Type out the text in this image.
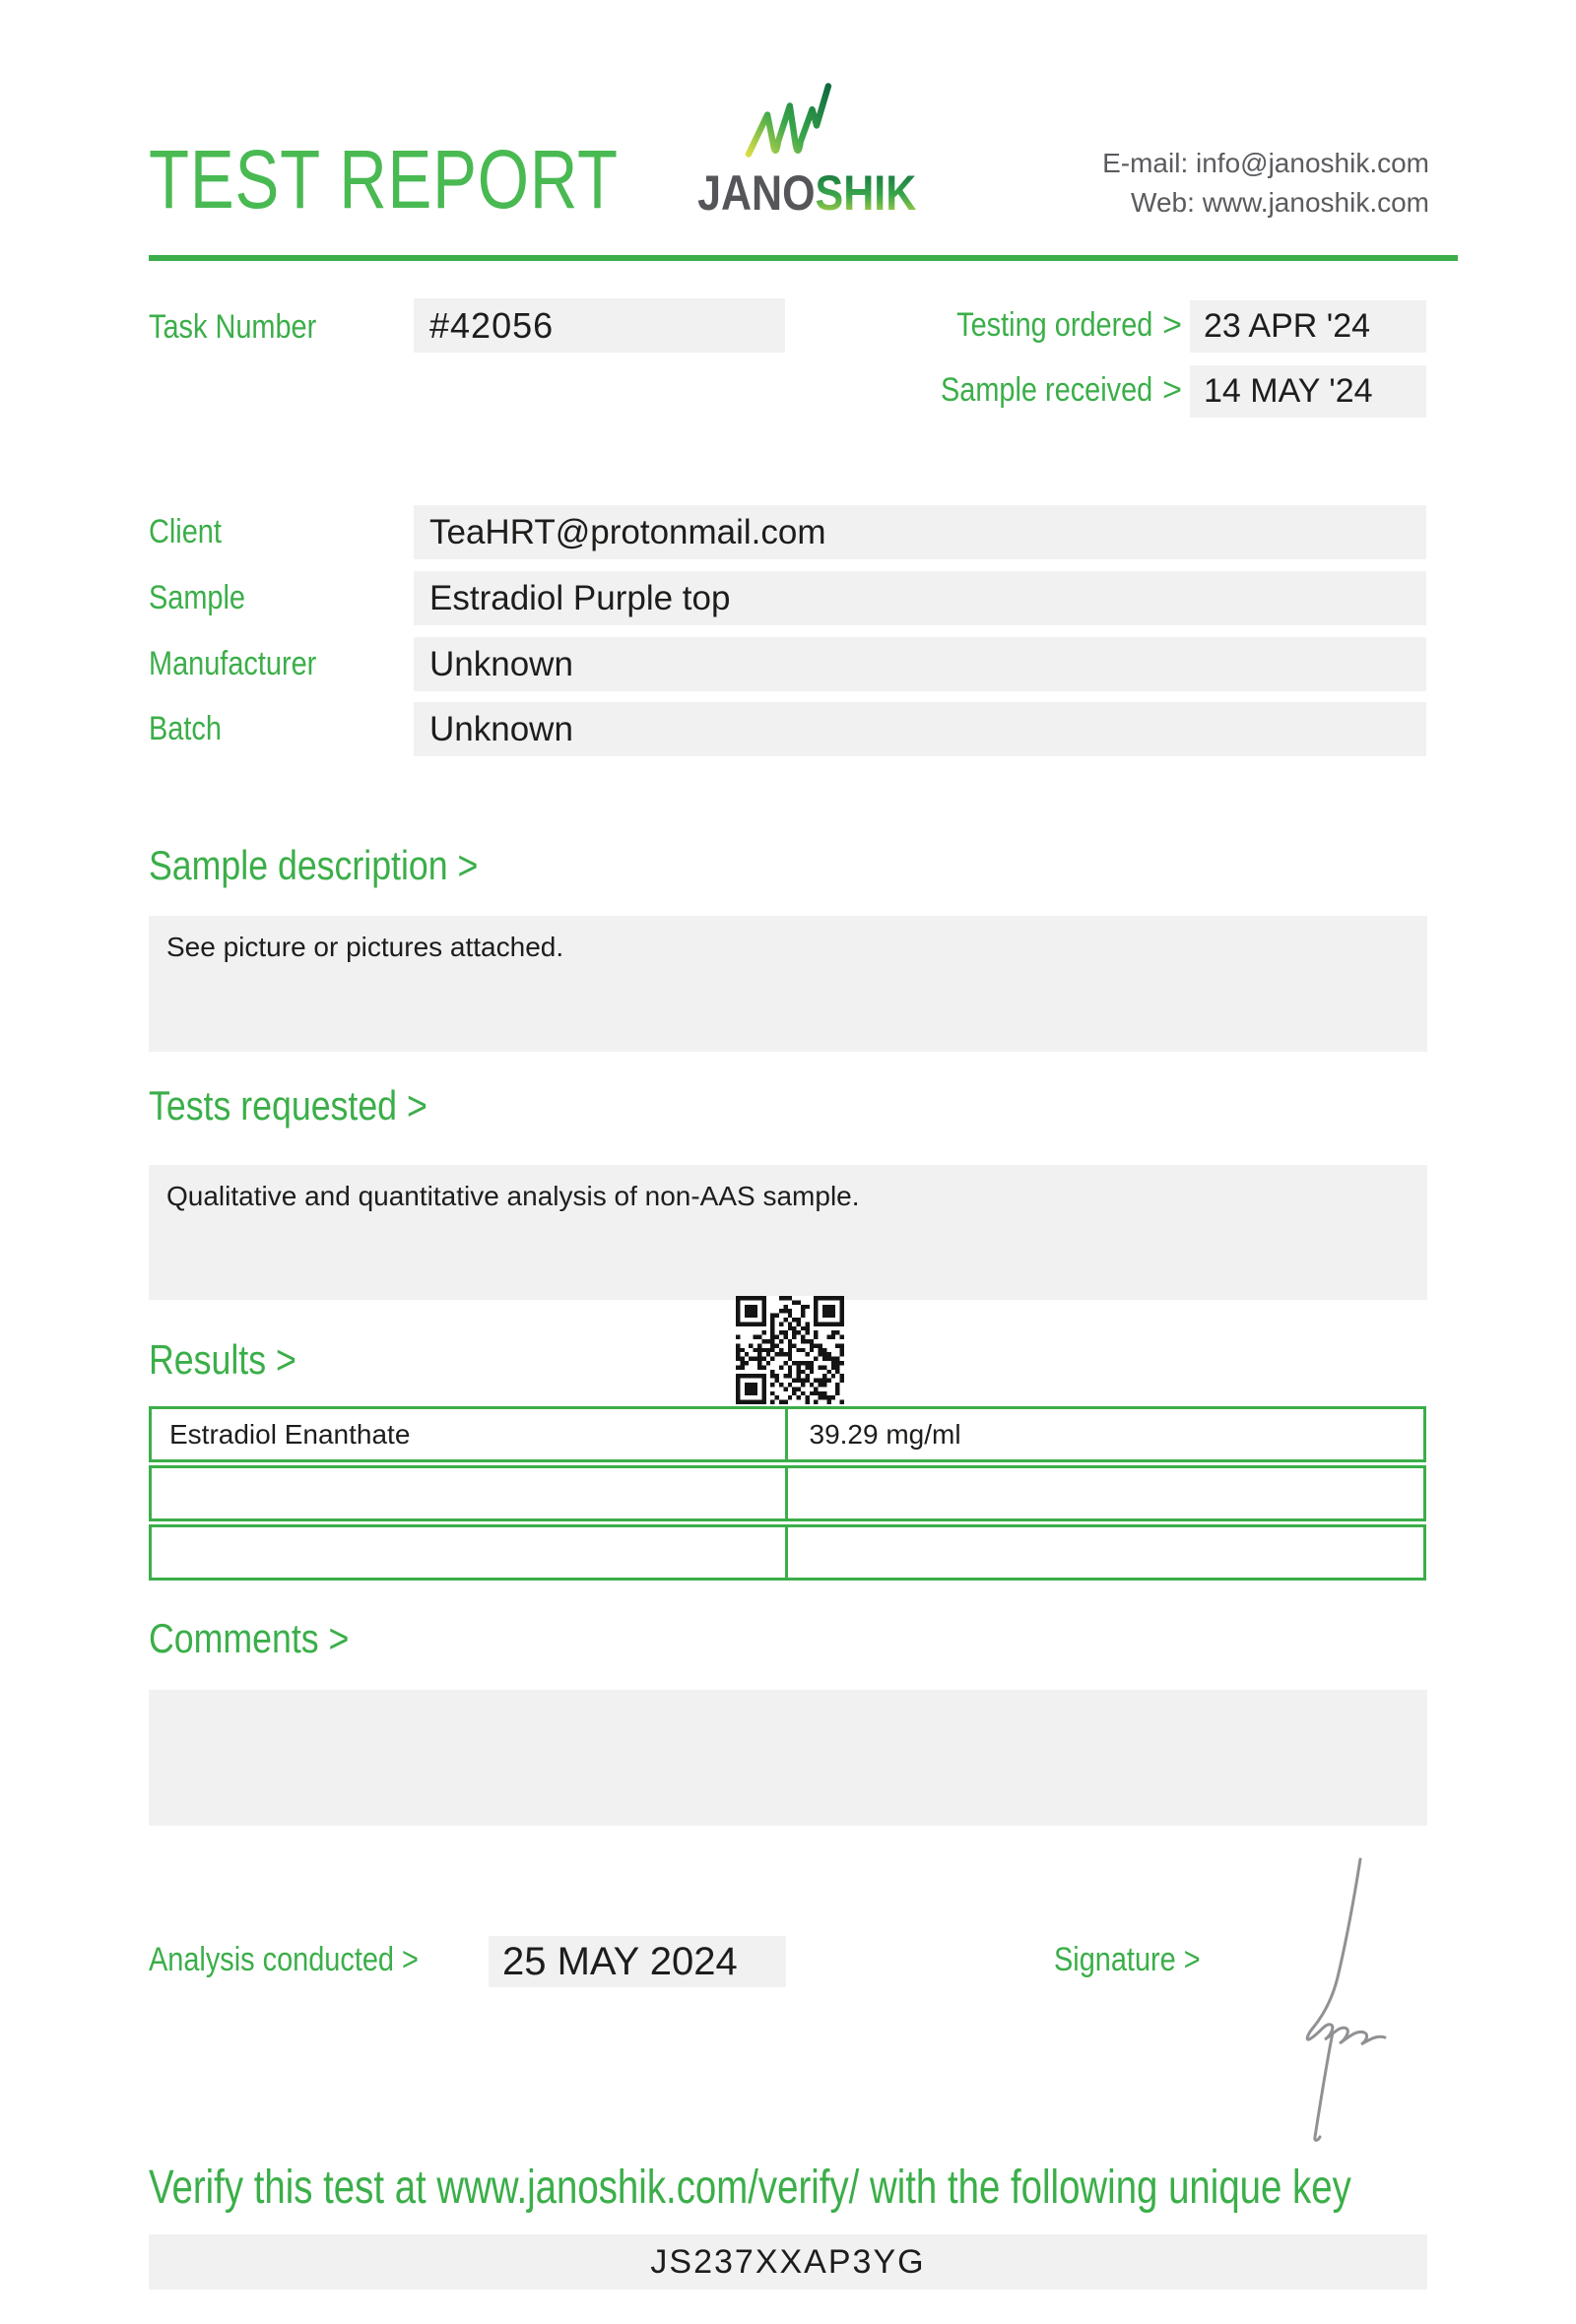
TEST REPORT	JANOSHIK
E-mail: info@janoshik.com
Web: www.janoshik.com
Task Number	#42056	Testing ordered > 23 APR '24
Sample received > 14 MAY '24
Client	TeaHRT@protonmail.com
Sample	Estradiol Purple top
Manufacturer	Unknown
Batch	Unknown
Sample description >
See picture or pictures attached.
Tests requested >
Qualitative and quantitative analysis of non-AAS sample.
Results >
Estradiol Enanthate	39.29 mg/ml
Comments >
Analysis conducted >	25 MAY 2024	Signature >
Verify this test at www.janoshik.com/verify/ with the following unique key
JS237XXAP3YG
